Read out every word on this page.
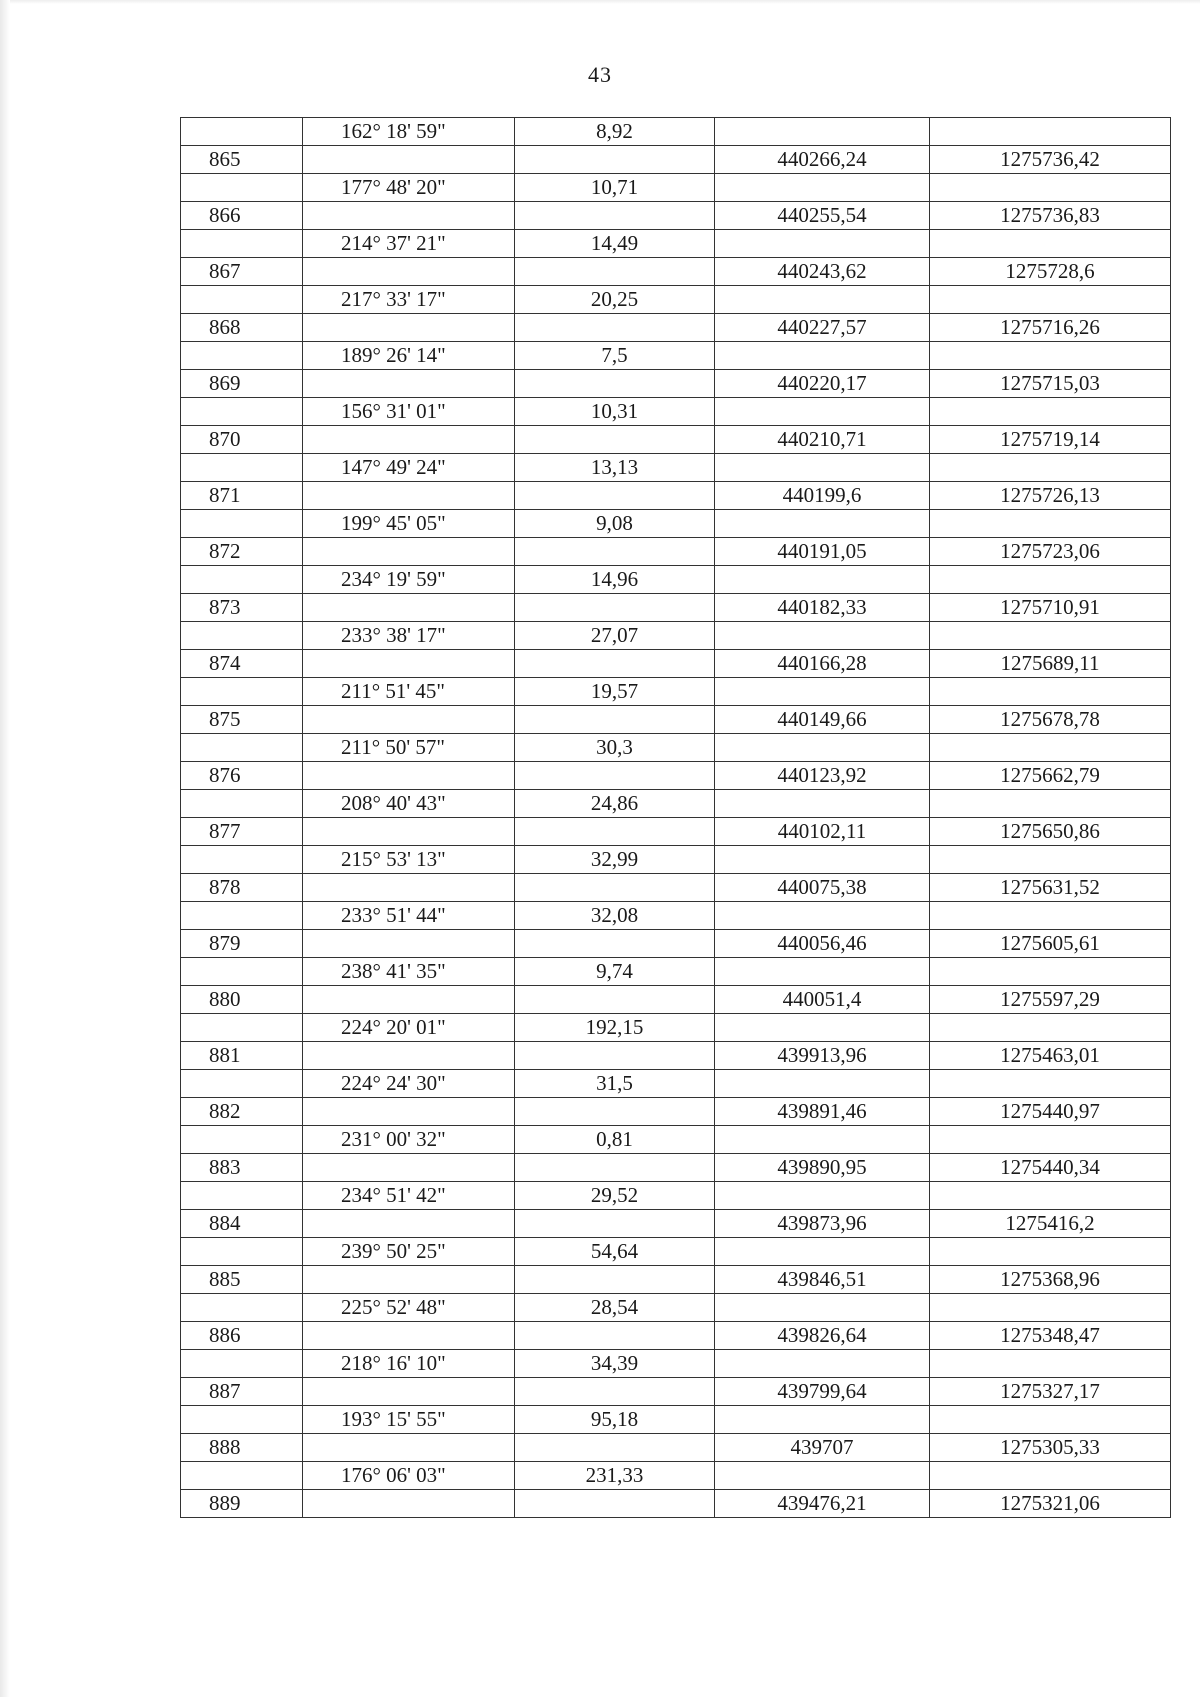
43
	162° 18' 59"	8,92		
865			440266,24	1275736,42
	177° 48' 20"	10,71		
866			440255,54	1275736,83
	214° 37' 21"	14,49		
867			440243,62	1275728,6
	217° 33' 17"	20,25		
868			440227,57	1275716,26
	189° 26' 14"	7,5		
869			440220,17	1275715,03
	156° 31' 01"	10,31		
870			440210,71	1275719,14
	147° 49' 24"	13,13		
871			440199,6	1275726,13
	199° 45' 05"	9,08		
872			440191,05	1275723,06
	234° 19' 59"	14,96		
873			440182,33	1275710,91
	233° 38' 17"	27,07		
874			440166,28	1275689,11
	211° 51' 45"	19,57		
875			440149,66	1275678,78
	211° 50' 57"	30,3		
876			440123,92	1275662,79
	208° 40' 43"	24,86		
877			440102,11	1275650,86
	215° 53' 13"	32,99		
878			440075,38	1275631,52
	233° 51' 44"	32,08		
879			440056,46	1275605,61
	238° 41' 35"	9,74		
880			440051,4	1275597,29
	224° 20' 01"	192,15		
881			439913,96	1275463,01
	224° 24' 30"	31,5		
882			439891,46	1275440,97
	231° 00' 32"	0,81		
883			439890,95	1275440,34
	234° 51' 42"	29,52		
884			439873,96	1275416,2
	239° 50' 25"	54,64		
885			439846,51	1275368,96
	225° 52' 48"	28,54		
886			439826,64	1275348,47
	218° 16' 10"	34,39		
887			439799,64	1275327,17
	193° 15' 55"	95,18		
888			439707	1275305,33
	176° 06' 03"	231,33		
889			439476,21	1275321,06
